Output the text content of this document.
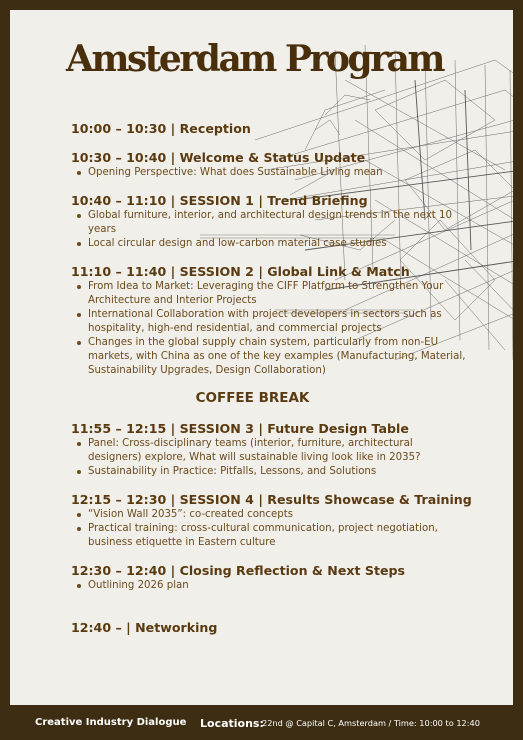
Amsterdam Program
10:00 – 10:30 | Reception
10:30 – 10:40 | Welcome & Status Update
Opening Perspective: What does Sustainable Living mean
10:40 – 11:10 | SESSION 1 | Trend Briefing
Global furniture, interior, and architectural design trends in the next 10 years
Local circular design and low-carbon material case studies
11:10 – 11:40 | SESSION 2 | Global Link & Match
From Idea to Market: Leveraging the CIFF Platform to Strengthen Your Architecture and Interior Projects
International Collaboration with project developers in sectors such as hospitality, high-end residential, and commercial projects
Changes in the global supply chain system, particularly from non-EU markets, with China as one of the key examples (Manufacturing, Material, Sustainability Upgrades, Design Collaboration)
COFFEE BREAK
11:55 – 12:15 | SESSION 3 | Future Design Table
Panel: Cross-disciplinary teams (interior, furniture, architectural designers) explore, What will sustainable living look like in 2035?
Sustainability in Practice: Pitfalls, Lessons, and Solutions
12:15 – 12:30 | SESSION 4 | Results Showcase & Training
“Vision Wall 2035”: co-created concepts
Practical training: cross-cultural communication, project negotiation, business etiquette in Eastern culture
12:30 – 12:40 | Closing Reflection & Next Steps
Outlining 2026 plan
12:40 – | Networking
Creative Industry Dialogue Locations:
22nd @ Capital C, Amsterdam / Time: 10:00 to 12:40
